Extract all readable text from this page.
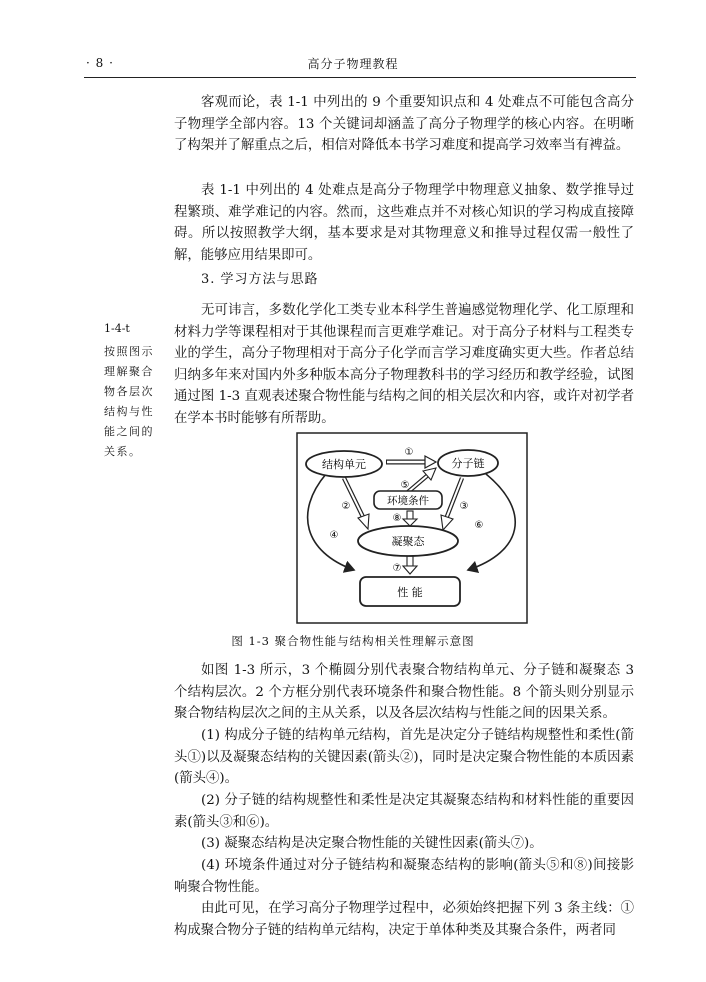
· 8 ·	高分子物理教程

客观而论，表 1-1 中列出的 9 个重要知识点和 4 处难点不可能包含高分子物理学全部内容。13 个关键词却涵盖了高分子物理学的核心内容。在明晰了构架并了解重点之后，相信对降低本书学习难度和提高学习效率当有裨益。

表 1-1 中列出的 4 处难点是高分子物理学中物理意义抽象、数学推导过程繁琐、难学难记的内容。然而，这些难点并不对核心知识的学习构成直接障碍。所以按照教学大纲，基本要求是对其物理意义和推导过程仅需一般性了解，能够应用结果即可。

3. 学习方法与思路

无可讳言，多数化学化工类专业本科学生普遍感觉物理化学、化工原理和材料力学等课程相对于其他课程而言更难学难记。对于高分子材料与工程类专业的学生，高分子物理相对于高分子化学而言学习难度确实更大些。作者总结归纳多年来对国内外多种版本高分子物理教科书的学习经历和教学经验，试图通过图 1-3 直观表述聚合物性能与结构之间的相关层次和内容，或许对初学者在学本书时能够有所帮助。

1-4-t
按照图示理解聚合物各层次结构与性能之间的关系。
结构单元	分子链
环境条件
凝聚态
性 能
①
②	③
④
⑤
⑥
⑦
⑧
图 1-3 聚合物性能与结构相关性理解示意图

如图 1-3 所示，3 个椭圆分别代表聚合物结构单元、分子链和凝聚态 3 个结构层次。2 个方框分别代表环境条件和聚合物性能。8 个箭头则分别显示聚合物结构层次之间的主从关系，以及各层次结构与性能之间的因果关系。

(1) 构成分子链的结构单元结构，首先是决定分子链结构规整性和柔性(箭头①)以及凝聚态结构的关键因素(箭头②)，同时是决定聚合物性能的本质因素(箭头④)。

(2) 分子链的结构规整性和柔性是决定其凝聚态结构和材料性能的重要因素(箭头③和⑥)。

(3) 凝聚态结构是决定聚合物性能的关键性因素(箭头⑦)。

(4) 环境条件通过对分子链结构和凝聚态结构的影响(箭头⑤和⑧)间接影响聚合物性能。

由此可见，在学习高分子物理学过程中，必须始终把握下列 3 条主线：①构成聚合物分子链的结构单元结构，决定于单体种类及其聚合条件，两者同
